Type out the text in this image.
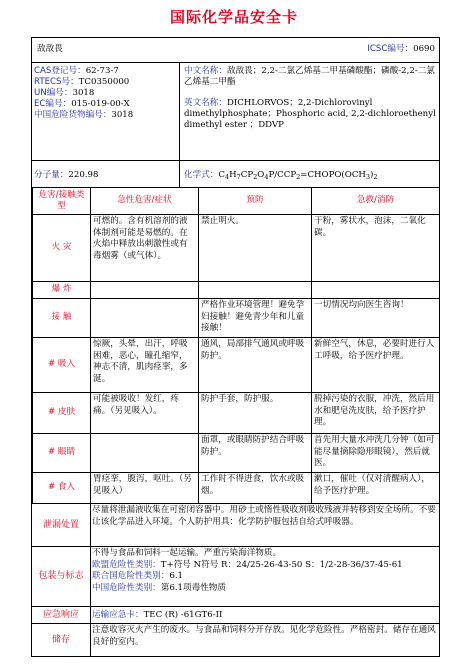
国际化学品安全卡
敌敌畏	ICSC编号：0690
CAS登记号：62-73-7
RTECS号：TC0350000
UN编号：3018
EC编号：015-019-00-X
中国危险货物编号：3018
中文名称：敌敌畏；2,2-二氯乙烯基二甲基磷酸酯；磷酸-2,2-二氯乙烯基二甲酯
英文名称：DICHLORVOS；2,2-Dichlorovinyl dimethylphosphate；Phosphoric acid, 2,2-dichloroethenyl dimethyl ester ；DDVP
分子量：220.98	化学式：$C_4H_7CP_2O_4P/CCP_2=CHOPO(OCH_3)_2$
危害/接触类型	急性危害/症状	预防	急救/消防
火 灾	可燃的。含有机溶剂的液体制剂可能是易燃的。在火焰中释放出刺激性或有毒烟雾（或气体）。	禁止明火。	干粉，雾状水，泡沫，二氧化碳。
爆 炸			
接 触		严格作业环境管理！避免孕妇接触！避免青少年和儿童接触！	一切情况均向医生咨询！
# 吸入	惊厥，头晕，出汗，呼吸困难，恶心，瞳孔缩窄，神志不清，肌肉痉挛，多涎。	通风，局部排气通风或呼吸防护。	新鲜空气，休息，必要时进行人工呼吸，给予医疗护理。
# 皮肤	可能被吸收！发红，疼痛。（另见吸入）。	防护手套，防护服。	脱掉污染的衣服，冲洗，然后用水和肥皂洗皮肤，给予医疗护理。
# 眼睛		面罩，或眼睛防护结合呼吸防护。	首先用大量水冲洗几分钟（如可能尽量摘除隐形眼镜），然后就医。
# 食入	胃痉挛，腹泻，呕吐。（另见吸入）	工作时不得进食，饮水或吸烟。	漱口，催吐（仅对清醒病人），给予医疗护理。
泄漏处置
尽量将泄漏液收集在可密闭容器中。用砂土或惰性吸收剂吸收残液并转移到安全场所。不要让该化学品进入环境。个人防护用具：化学防护服包括自给式呼吸器。
包装与标志
不得与食品和饲料一起运输。严重污染海洋物质。
欧盟危险性类别：T+符号 N符号 R：24/25-26-43-50 S：1/2-28-36/37-45-61
联合国危险性类别：6.1
中国危险性类别：第6.1项毒性物质
应急响应	运输应急卡：TEC (R) -61GT6-II
储存
注意收容灭火产生的废水。与食品和饲料分开存放。见化学危险性。严格密封。储存在通风良好的室内。
